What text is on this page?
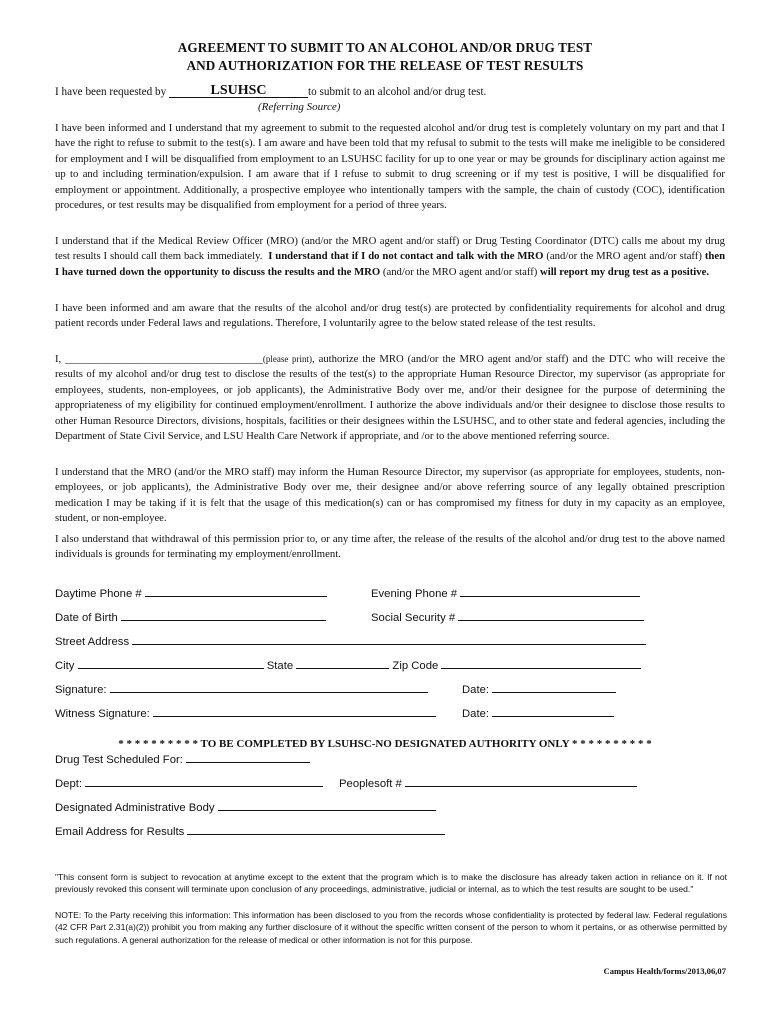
AGREEMENT TO SUBMIT TO AN ALCOHOL AND/OR DRUG TEST
AND AUTHORIZATION FOR THE RELEASE OF TEST RESULTS
I have been requested by	LSUHSC	to submit to an alcohol and/or drug test.
(Referring Source)

I have been informed and I understand that my agreement to submit to the requested alcohol and/or drug test is completely voluntary on my part and that I have the right to refuse to submit to the test(s). I am aware and have been told that my refusal to submit to the tests will make me ineligible to be considered for employment and I will be disqualified from employment to an LSUHSC facility for up to one year or may be grounds for disciplinary action against me up to and including termination/expulsion. I am aware that if I refuse to submit to drug screening or if my test is positive, I will be disqualified for employment or appointment. Additionally, a prospective employee who intentionally tampers with the sample, the chain of custody (COC), identification procedures, or test results may be disqualified from employment for a period of three years.

I understand that if the Medical Review Officer (MRO) (and/or the MRO agent and/or staff) or Drug Testing Coordinator (DTC) calls me about my drug test results I should call them back immediately. I understand that if I do not contact and talk with the MRO (and/or the MRO agent and/or staff) then I have turned down the opportunity to discuss the results and the MRO (and/or the MRO agent and/or staff) will report my drug test as a positive.

I have been informed and am aware that the results of the alcohol and/or drug test(s) are protected by confidentiality requirements for alcohol and drug patient records under Federal laws and regulations. Therefore, I voluntarily agree to the below stated release of the test results.

I, _____________________________________(please print), authorize the MRO (and/or the MRO agent and/or staff) and the DTC who will receive the results of my alcohol and/or drug test to disclose the results of the test(s) to the appropriate Human Resource Director, my supervisor (as appropriate for employees, students, non-employees, or job applicants), the Administrative Body over me, and/or their designee for the purpose of determining the appropriateness of my eligibility for continued employment/enrollment. I authorize the above individuals and/or their designee to disclose those results to other Human Resource Directors, divisions, hospitals, facilities or their designees within the LSUHSC, and to other state and federal agencies, including the Department of State Civil Service, and LSU Health Care Network if appropriate, and /or to the above mentioned referring source.

I understand that the MRO (and/or the MRO staff) may inform the Human Resource Director, my supervisor (as appropriate for employees, students, non-employees, or job applicants), the Administrative Body over me, their designee and/or above referring source of any legally obtained prescription medication I may be taking if it is felt that the usage of this medication(s) can or has compromised my fitness for duty in my capacity as an employee, student, or non-employee.

I also understand that withdrawal of this permission prior to, or any time after, the release of the results of the alcohol and/or drug test to the above named individuals is grounds for terminating my employment/enrollment.

Daytime Phone #	Evening Phone #
Date of Birth	Social Security #
Street Address
City	State	Zip Code
Signature:	Date:
Witness Signature:	Date:
* * * * * * * * * * TO BE COMPLETED BY LSUHSC-NO DESIGNATED AUTHORITY ONLY * * * * * * * * * *
Drug Test Scheduled For:
Dept:	Peoplesoft #
Designated Administrative Body
Email Address for Results

"This consent form is subject to revocation at anytime except to the extent that the program which is to make the disclosure has already taken action in reliance on it. If not previously revoked this consent will terminate upon conclusion of any proceedings, administrative, judicial or internal, as to which the test results are sought to be used."

NOTE: To the Party receiving this information: This information has been disclosed to you from the records whose confidentiality is protected by federal law. Federal regulations (42 CFR Part 2.31(a)(2)) prohibit you from making any further disclosure of it without the specific written consent of the person to whom it pertains, or as otherwise permitted by such regulations. A general authorization for the release of medical or other information is not for this purpose.

Campus Health/forms/2013,06,07
